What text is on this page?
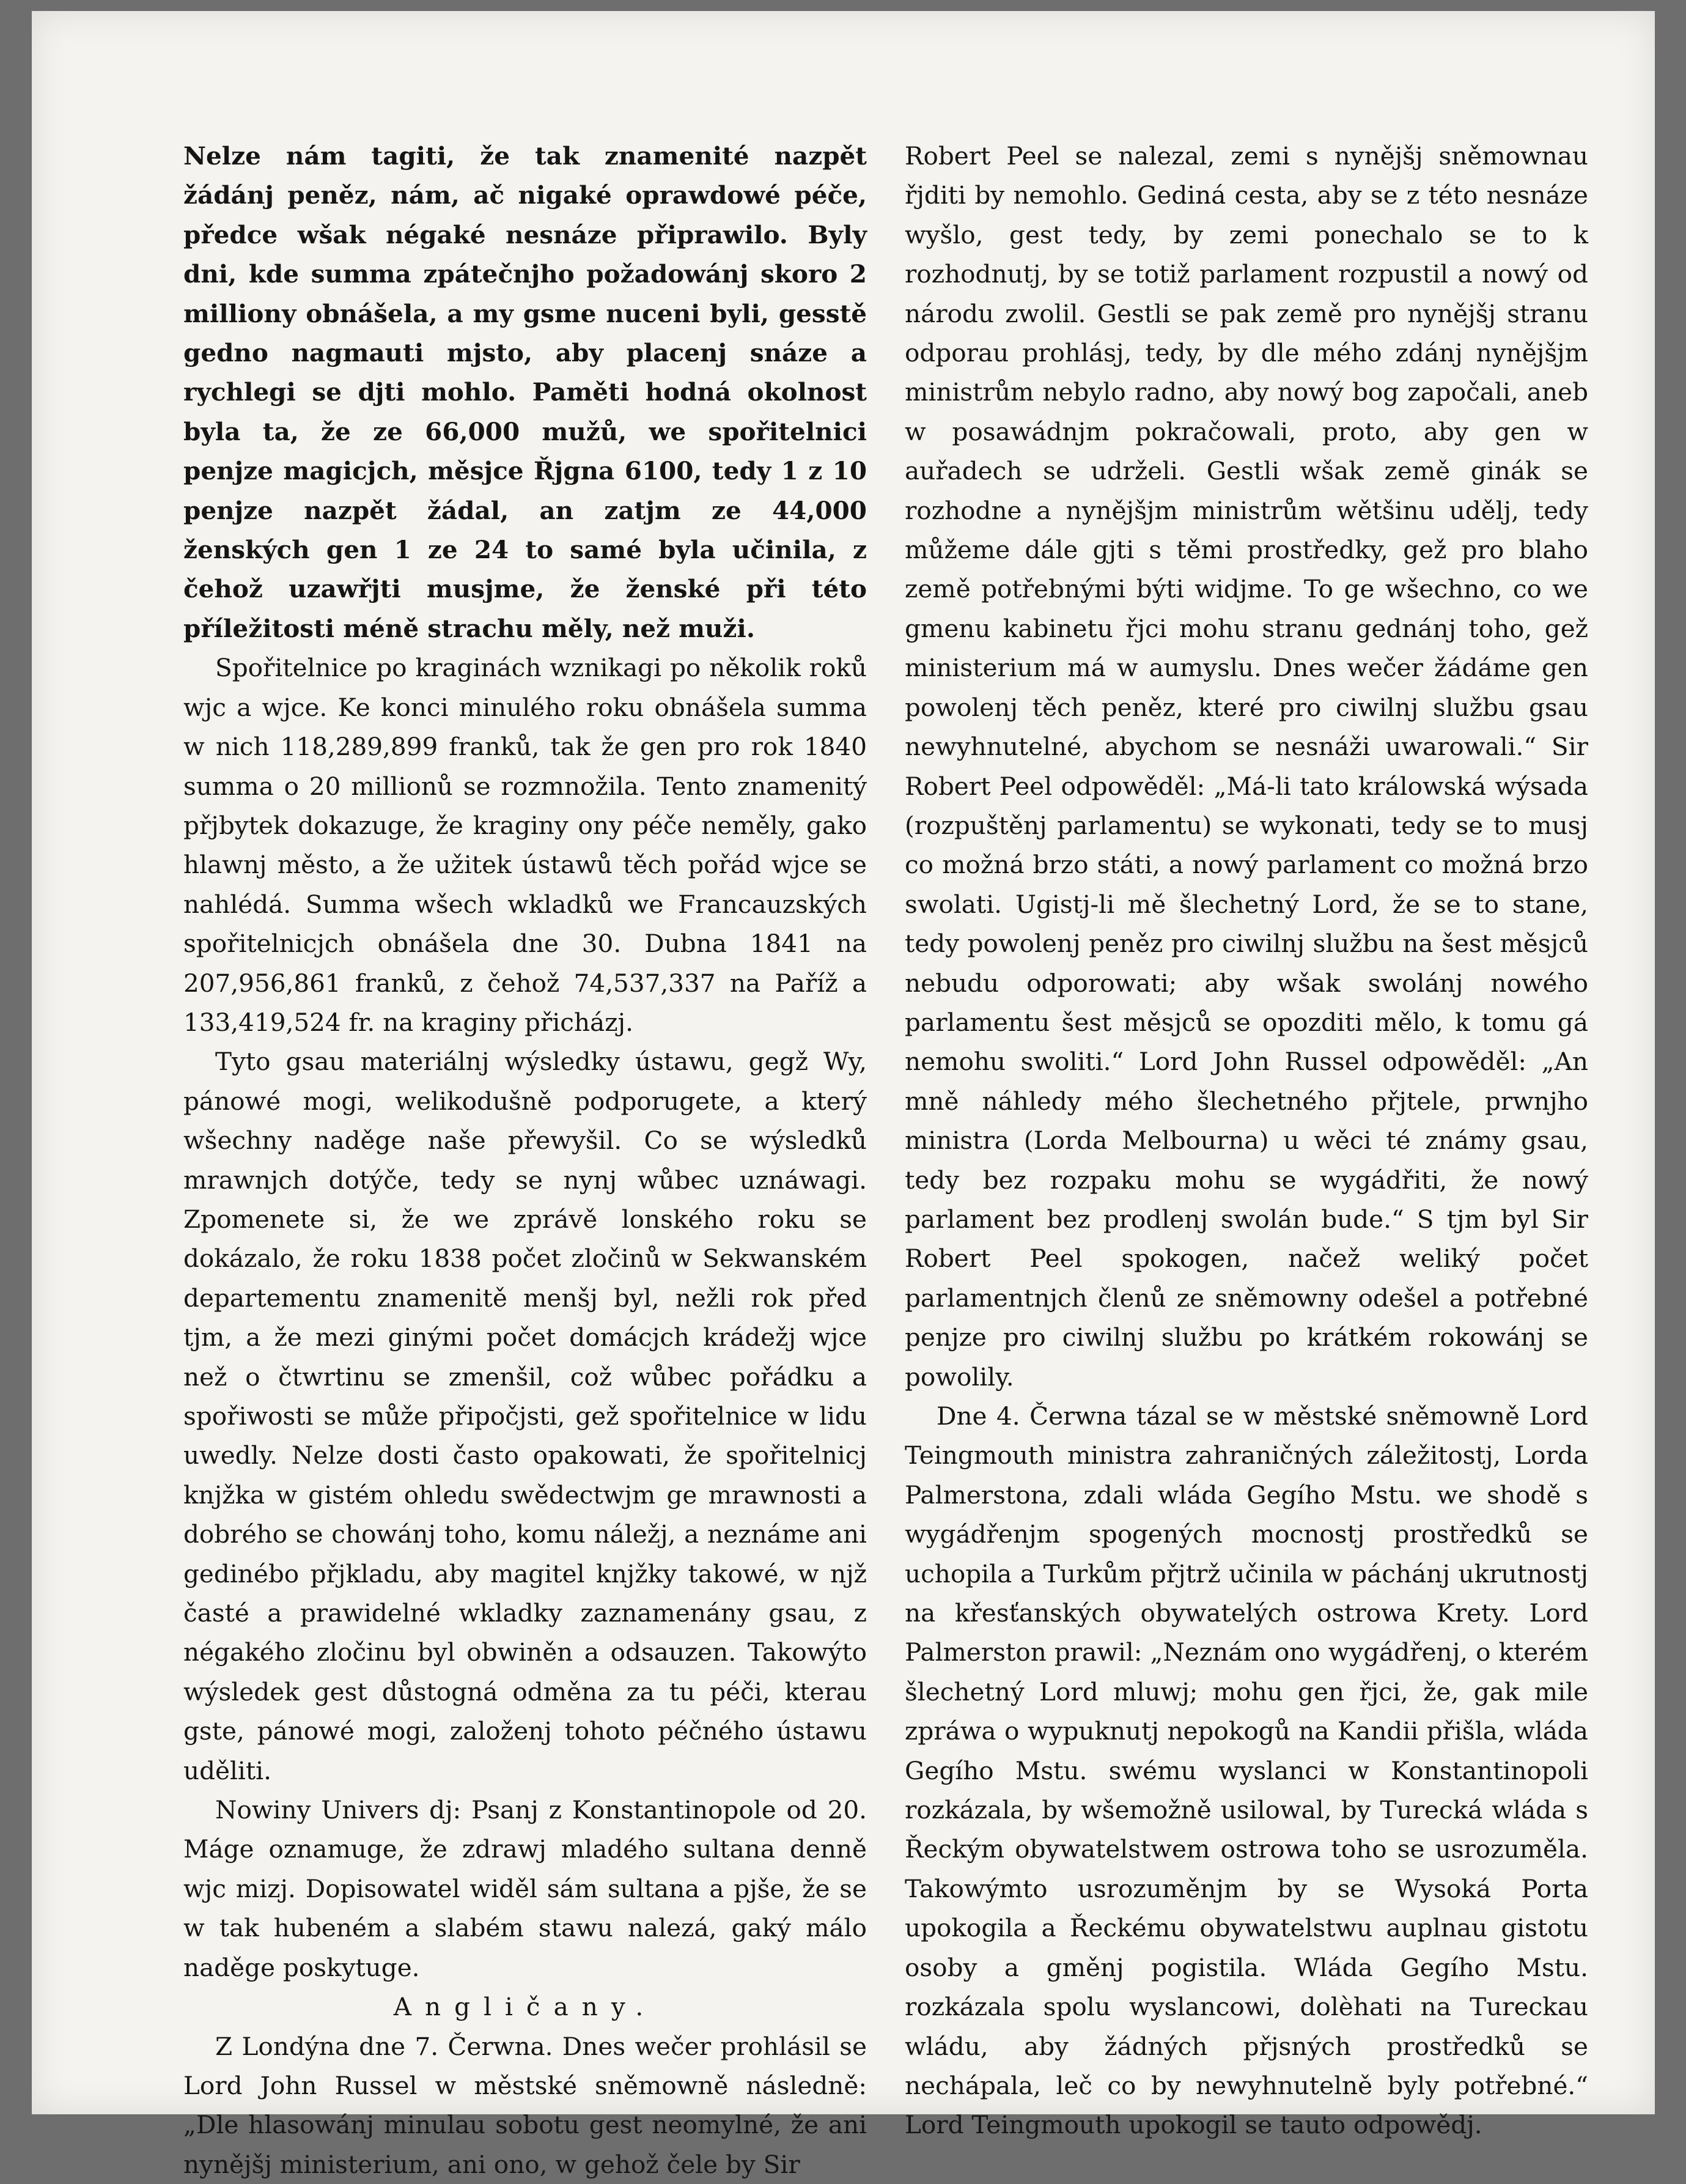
Nelze nám tagiti, že tak znamenité nazpět žádánj peněz, nám, ač nigaké oprawdowé péče, předce wšak négaké nesnáze připrawilo. Byly dni, kde summa zpátečnjho požadowánj skoro 2 milliony obnášela, a my gsme nuceni byli, gesstě gedno nagmauti mjsto, aby placenj snáze a rychlegi se djti mohlo. Paměti hodná okolnost byla ta, že ze 66,000 mužů, we spořitelnici penjze magicjch, měsjce Řjgna 6100, tedy 1 z 10 penjze nazpět žádal, an zatjm ze 44,000 ženských gen 1 ze 24 to samé byla učinila, z čehož uzawřjti musjme, že ženské při této příležitosti méně strachu měly, než muži.

Spořitelnice po kraginách wznikagi po několik roků wjc a wjce. Ke konci minulého roku obnášela summa w nich 118,289,899 franků, tak že gen pro rok 1840 summa o 20 millionů se rozmnožila. Tento znamenitý přjbytek dokazuge, že kraginy ony péče neměly, gako hlawnj město, a že užitek ústawů těch pořád wjce se nahlédá. Summa wšech wkladků we Francauzských spořitelnicjch obnášela dne 30. Dubna 1841 na 207,956,861 franků, z čehož 74,537,337 na Paříž a 133,419,524 fr. na kraginy přicházj.

Tyto gsau materiálnj wýsledky ústawu, gegž Wy, pánowé mogi, welikodušně podporugete, a který wšechny naděge naše přewyšil. Co se wýsledků mrawnjch dotýče, tedy se nynj wůbec uznáwagi. Zpomenete si, že we zprávě lonského roku se dokázalo, že roku 1838 počet zločinů w Sekwanském departementu znamenitě menšj byl, nežli rok před tjm, a že mezi ginými počet domácjch krádežj wjce než o čtwrtinu se zmenšil, což wůbec pořádku a spořiwosti se může připočjsti, gež spořitelnice w lidu uwedly. Nelze dosti často opakowati, že spořitelnicj knjžka w gistém ohledu swědectwjm ge mrawnosti a dobrého se chowánj toho, komu náležj, a neznáme ani gedinébo přjkladu, aby magitel knjžky takowé, w njž časté a prawidelné wkladky zaznamenány gsau, z négakého zločinu byl obwiněn a odsauzen. Takowýto wýsledek gest důstogná odměna za tu péči, kterau gste, pánowé mogi, založenj tohoto péčného ústawu uděliti.

Nowiny Univers dj: Psanj z Konstantinopole od 20. Máge oznamuge, že zdrawj mladého sultana denně wjc mizj. Dopisowatel widěl sám sultana a pjše, že se w tak hubeném a slabém stawu nalezá, gaký málo naděge poskytuge.

Angličany.

Z Londýna dne 7. Čerwna. Dnes wečer prohlásil se Lord John Russel w městské sněmowně následně: „Dle hlasowánj minulau sobotu gest neomylné, že ani nynějšj ministerium, ani ono, w gehož čele by Sir

Robert Peel se nalezal, zemi s nynějšj sněmownau řjditi by nemohlo. Gediná cesta, aby se z této nesnáze wyšlo, gest tedy, by zemi ponechalo se to k rozhodnutj, by se totiž parlament rozpustil a nowý od národu zwolil. Gestli se pak země pro nynějšj stranu odporau prohlásj, tedy, by dle mého zdánj nynějšjm ministrům nebylo radno, aby nowý bog započali, aneb w posawádnjm pokračowali, proto, aby gen w auřadech se udrželi. Gestli wšak země ginák se rozhodne a nynějšjm ministrům wětšinu udělj, tedy můžeme dále gjti s těmi prostředky, gež pro blaho země potřebnými býti widjme. To ge wšechno, co we gmenu kabinetu řjci mohu stranu gednánj toho, gež ministerium má w aumyslu. Dnes wečer žádáme gen powolenj těch peněz, které pro ciwilnj službu gsau newyhnutelné, abychom se nesnáži uwarowali.“ Sir Robert Peel odpowěděl: „Má-li tato králowská wýsada (rozpuštěnj parlamentu) se wykonati, tedy se to musj co možná brzo státi, a nowý parlament co možná brzo swolati. Ugistj-li mě šlechetný Lord, že se to stane, tedy powolenj peněz pro ciwilnj službu na šest měsjců nebudu odporowati; aby wšak swolánj nowého parlamentu šest měsjců se opozditi mělo, k tomu gá nemohu swoliti.“ Lord John Russel odpowěděl: „An mně náhledy mého šlechetného přjtele, prwnjho ministra (Lorda Melbourna) u wěci té známy gsau, tedy bez rozpaku mohu se wygádřiti, že nowý parlament bez prodlenj swolán bude.“ S tjm byl Sir Robert Peel spokogen, načež weliký počet parlamentnjch členů ze sněmowny odešel a potřebné penjze pro ciwilnj službu po krátkém rokowánj se powolily.

Dne 4. Čerwna tázal se w městské sněmowně Lord Teingmouth ministra zahraničných záležitostj, Lorda Palmerstona, zdali wláda Gegího Mstu. we shodě s wygádřenjm spogených mocnostj prostředků se uchopila a Turkům přjtrž učinila w páchánj ukrutnostj na křesťanských obywatelých ostrowa Krety. Lord Palmerston prawil: „Neznám ono wygádřenj, o kterém šlechetný Lord mluwj; mohu gen řjci, že, gak mile zpráwa o wypuknutj nepokogů na Kandii přišla, wláda Gegího Mstu. swému wyslanci w Konstantinopoli rozkázala, by wšemožně usilowal, by Turecká wláda s Řeckým obywatelstwem ostrowa toho se usrozuměla. Takowýmto usrozuměnjm by se Wysoká Porta upokogila a Řeckému obywatelstwu auplnau gistotu osoby a gměnj pogistila. Wláda Gegího Mstu. rozkázala spolu wyslancowi, dolèhati na Tureckau wládu, aby žádných přjsných prostředků se nechápala, leč co by newyhnutelně byly potřebné.“ Lord Teingmouth upokogil se tauto odpowědj.
